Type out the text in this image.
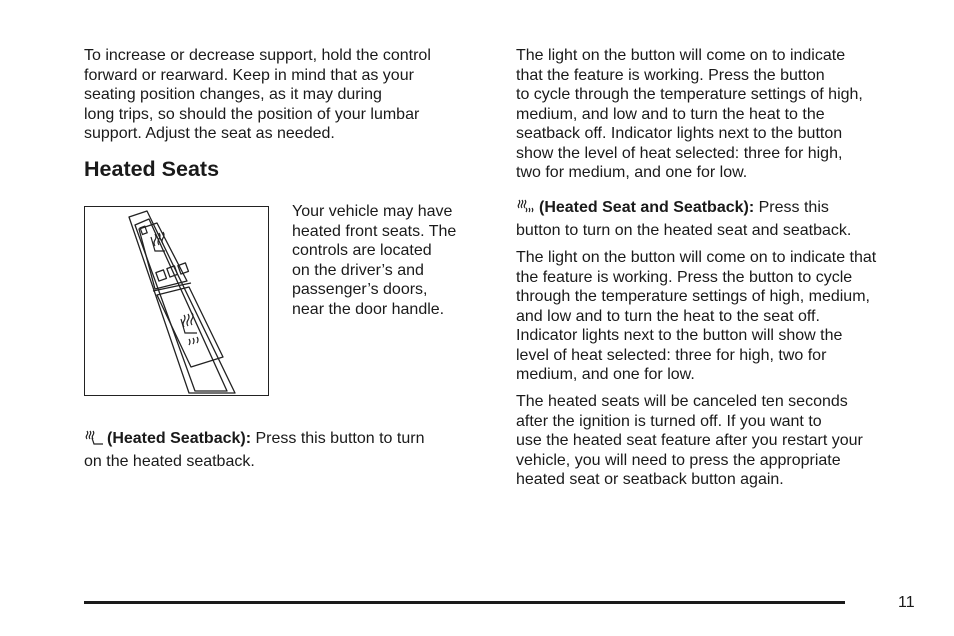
To increase or decrease support, hold the control
forward or rearward. Keep in mind that as your
seating position changes, as it may during
long trips, so should the position of your lumbar
support. Adjust the seat as needed.
Heated Seats
Your vehicle may have
heated front seats. The
controls are located
on the driver’s and
passenger’s doors,
near the door handle.
(Heated Seatback): Press this button to turn
on the heated seatback.
The light on the button will come on to indicate
that the feature is working. Press the button
to cycle through the temperature settings of high,
medium, and low and to turn the heat to the
seatback off. Indicator lights next to the button
show the level of heat selected: three for high,
two for medium, and one for low.
(Heated Seat and Seatback): Press this
button to turn on the heated seat and seatback.
The light on the button will come on to indicate that
the feature is working. Press the button to cycle
through the temperature settings of high, medium,
and low and to turn the heat to the seat off.
Indicator lights next to the button will show the
level of heat selected: three for high, two for
medium, and one for low.
The heated seats will be canceled ten seconds
after the ignition is turned off. If you want to
use the heated seat feature after you restart your
vehicle, you will need to press the appropriate
heated seat or seatback button again.
11
